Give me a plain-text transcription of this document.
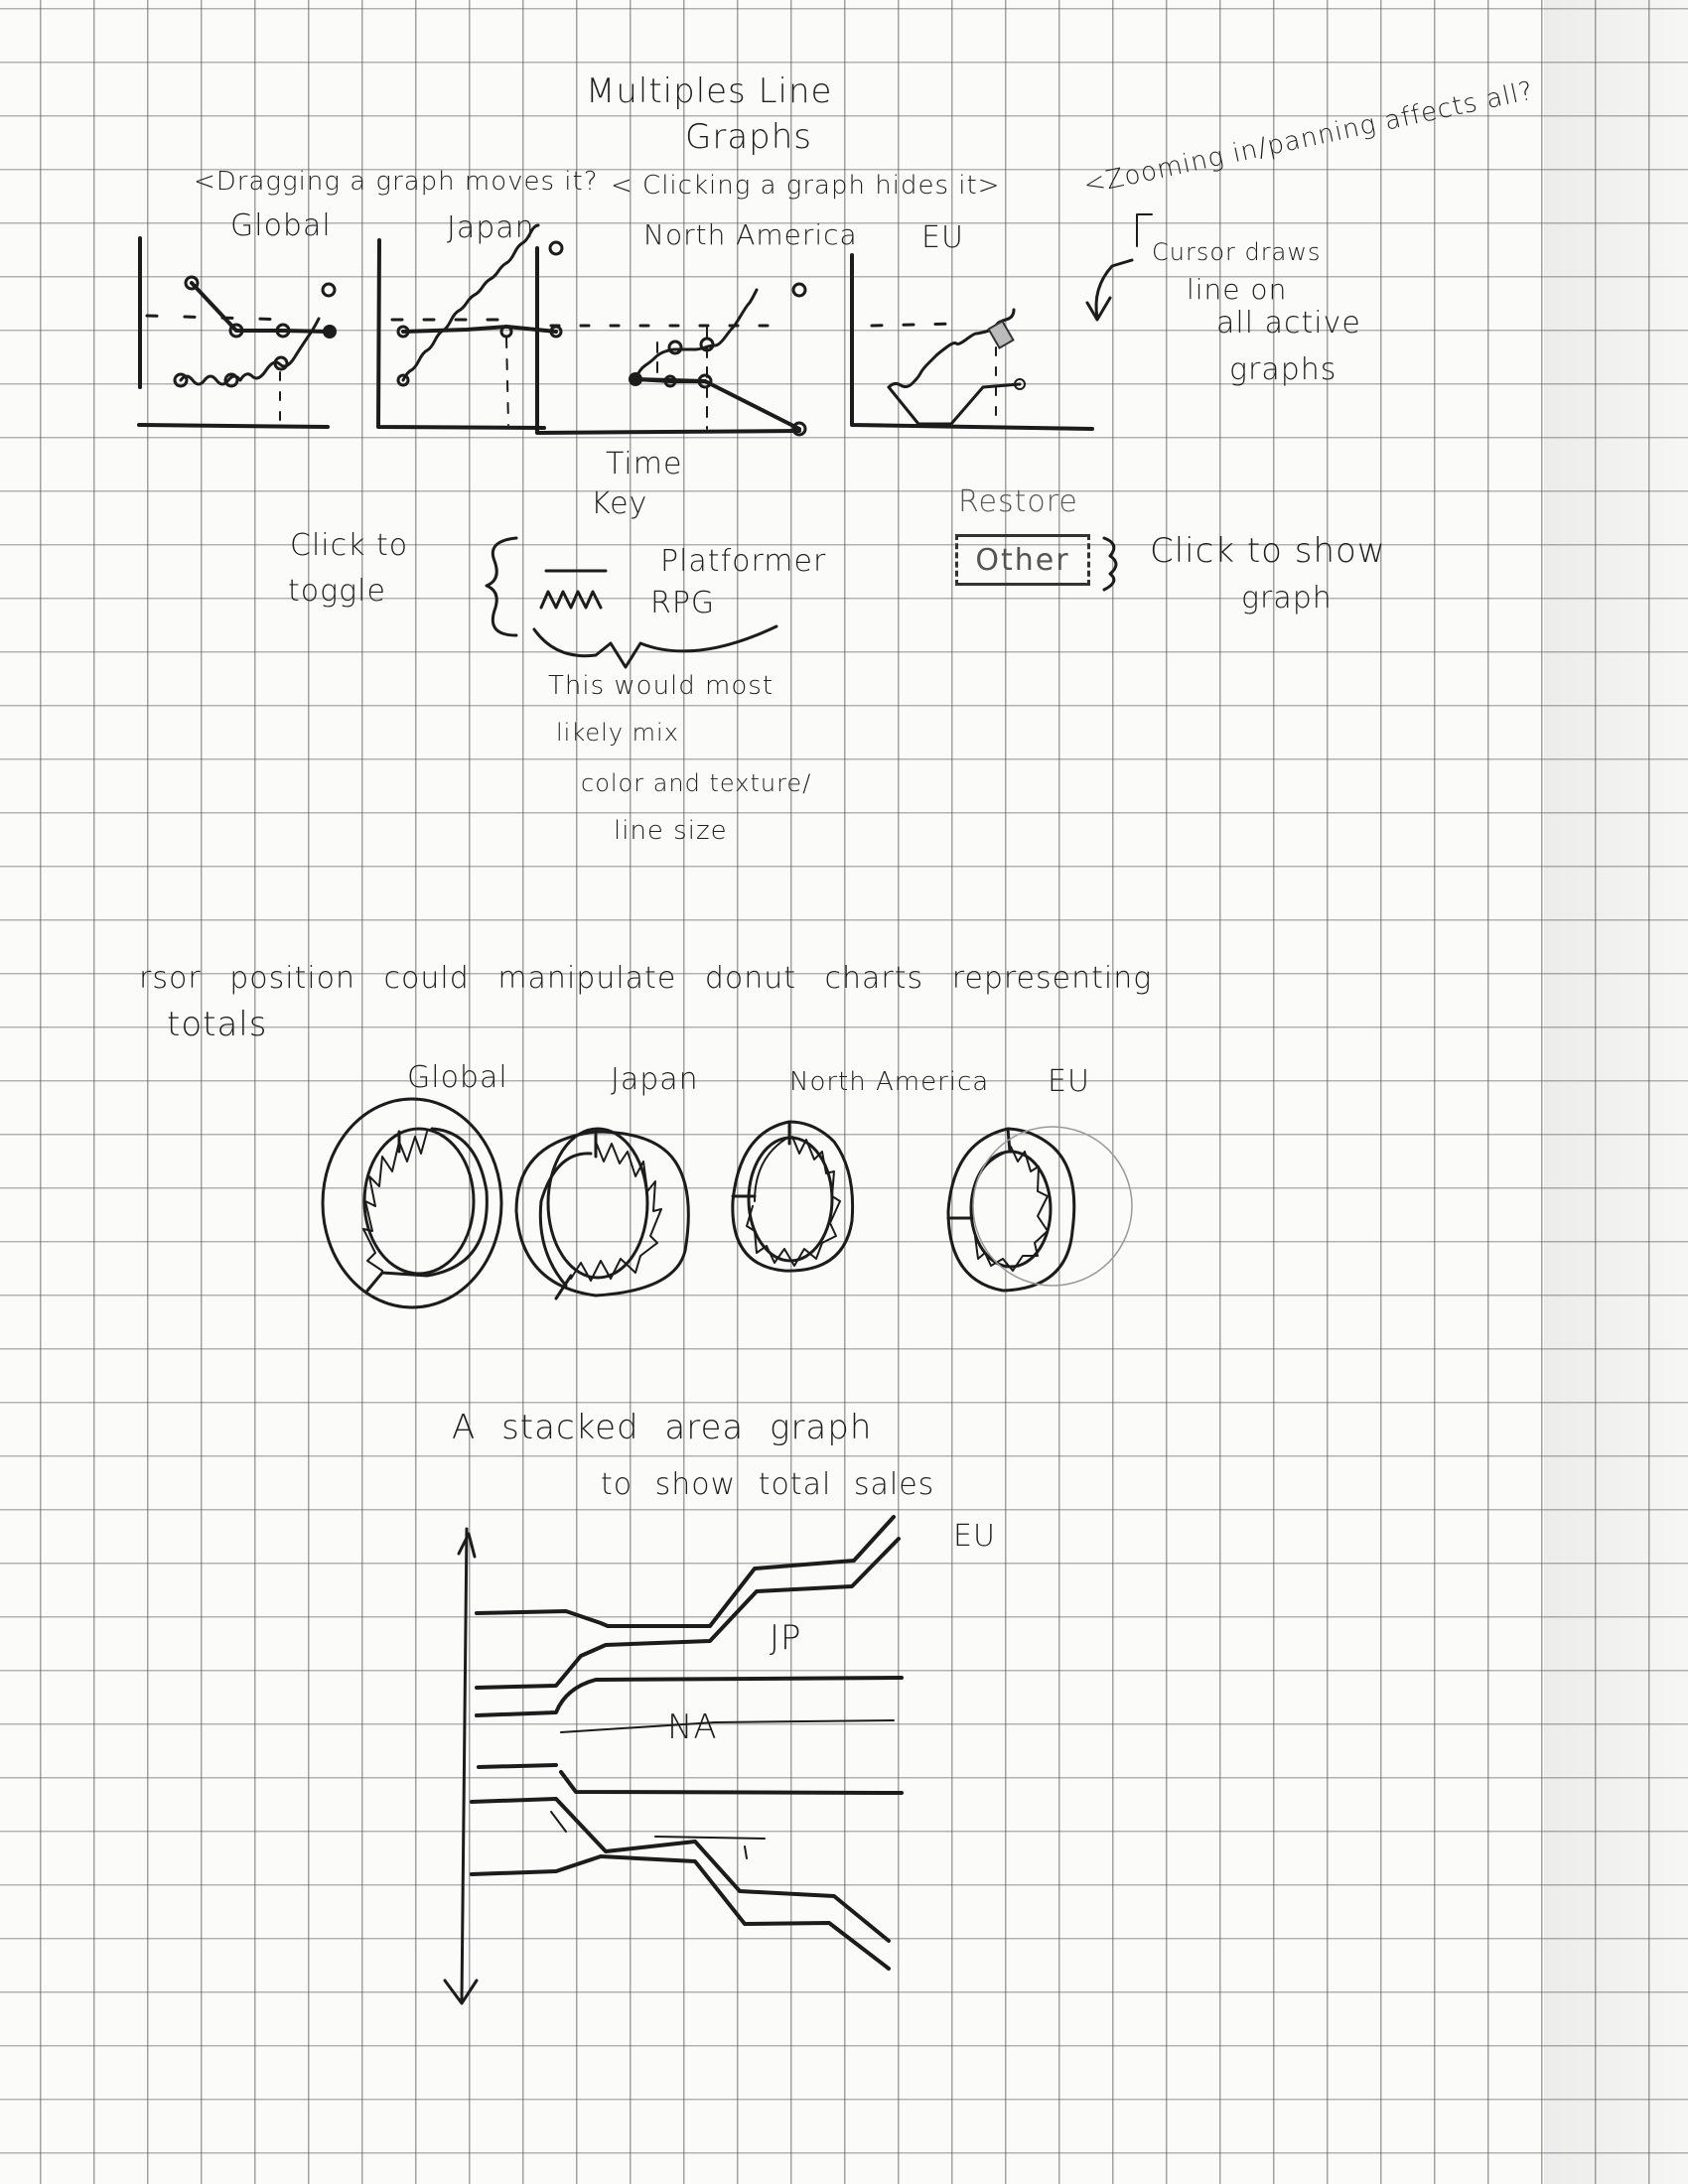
Multiples Line
Graphs
<Dragging a graph moves it? < Clicking a graph hides it>	<Zooming in/panning affects all?
Global	Japan	North America EU
Time
Cursor draws
line on
all active
graphs
Key
Click to
toggle
Platformer
RPG
This would most
likely mix
color and texture/
line size
Restore
Other	Click to show
graph
rsor position could manipulate donut charts representing
totals
Global	Japan	North America EU
A stacked area graph
to show total sales
EU
JP
NA
